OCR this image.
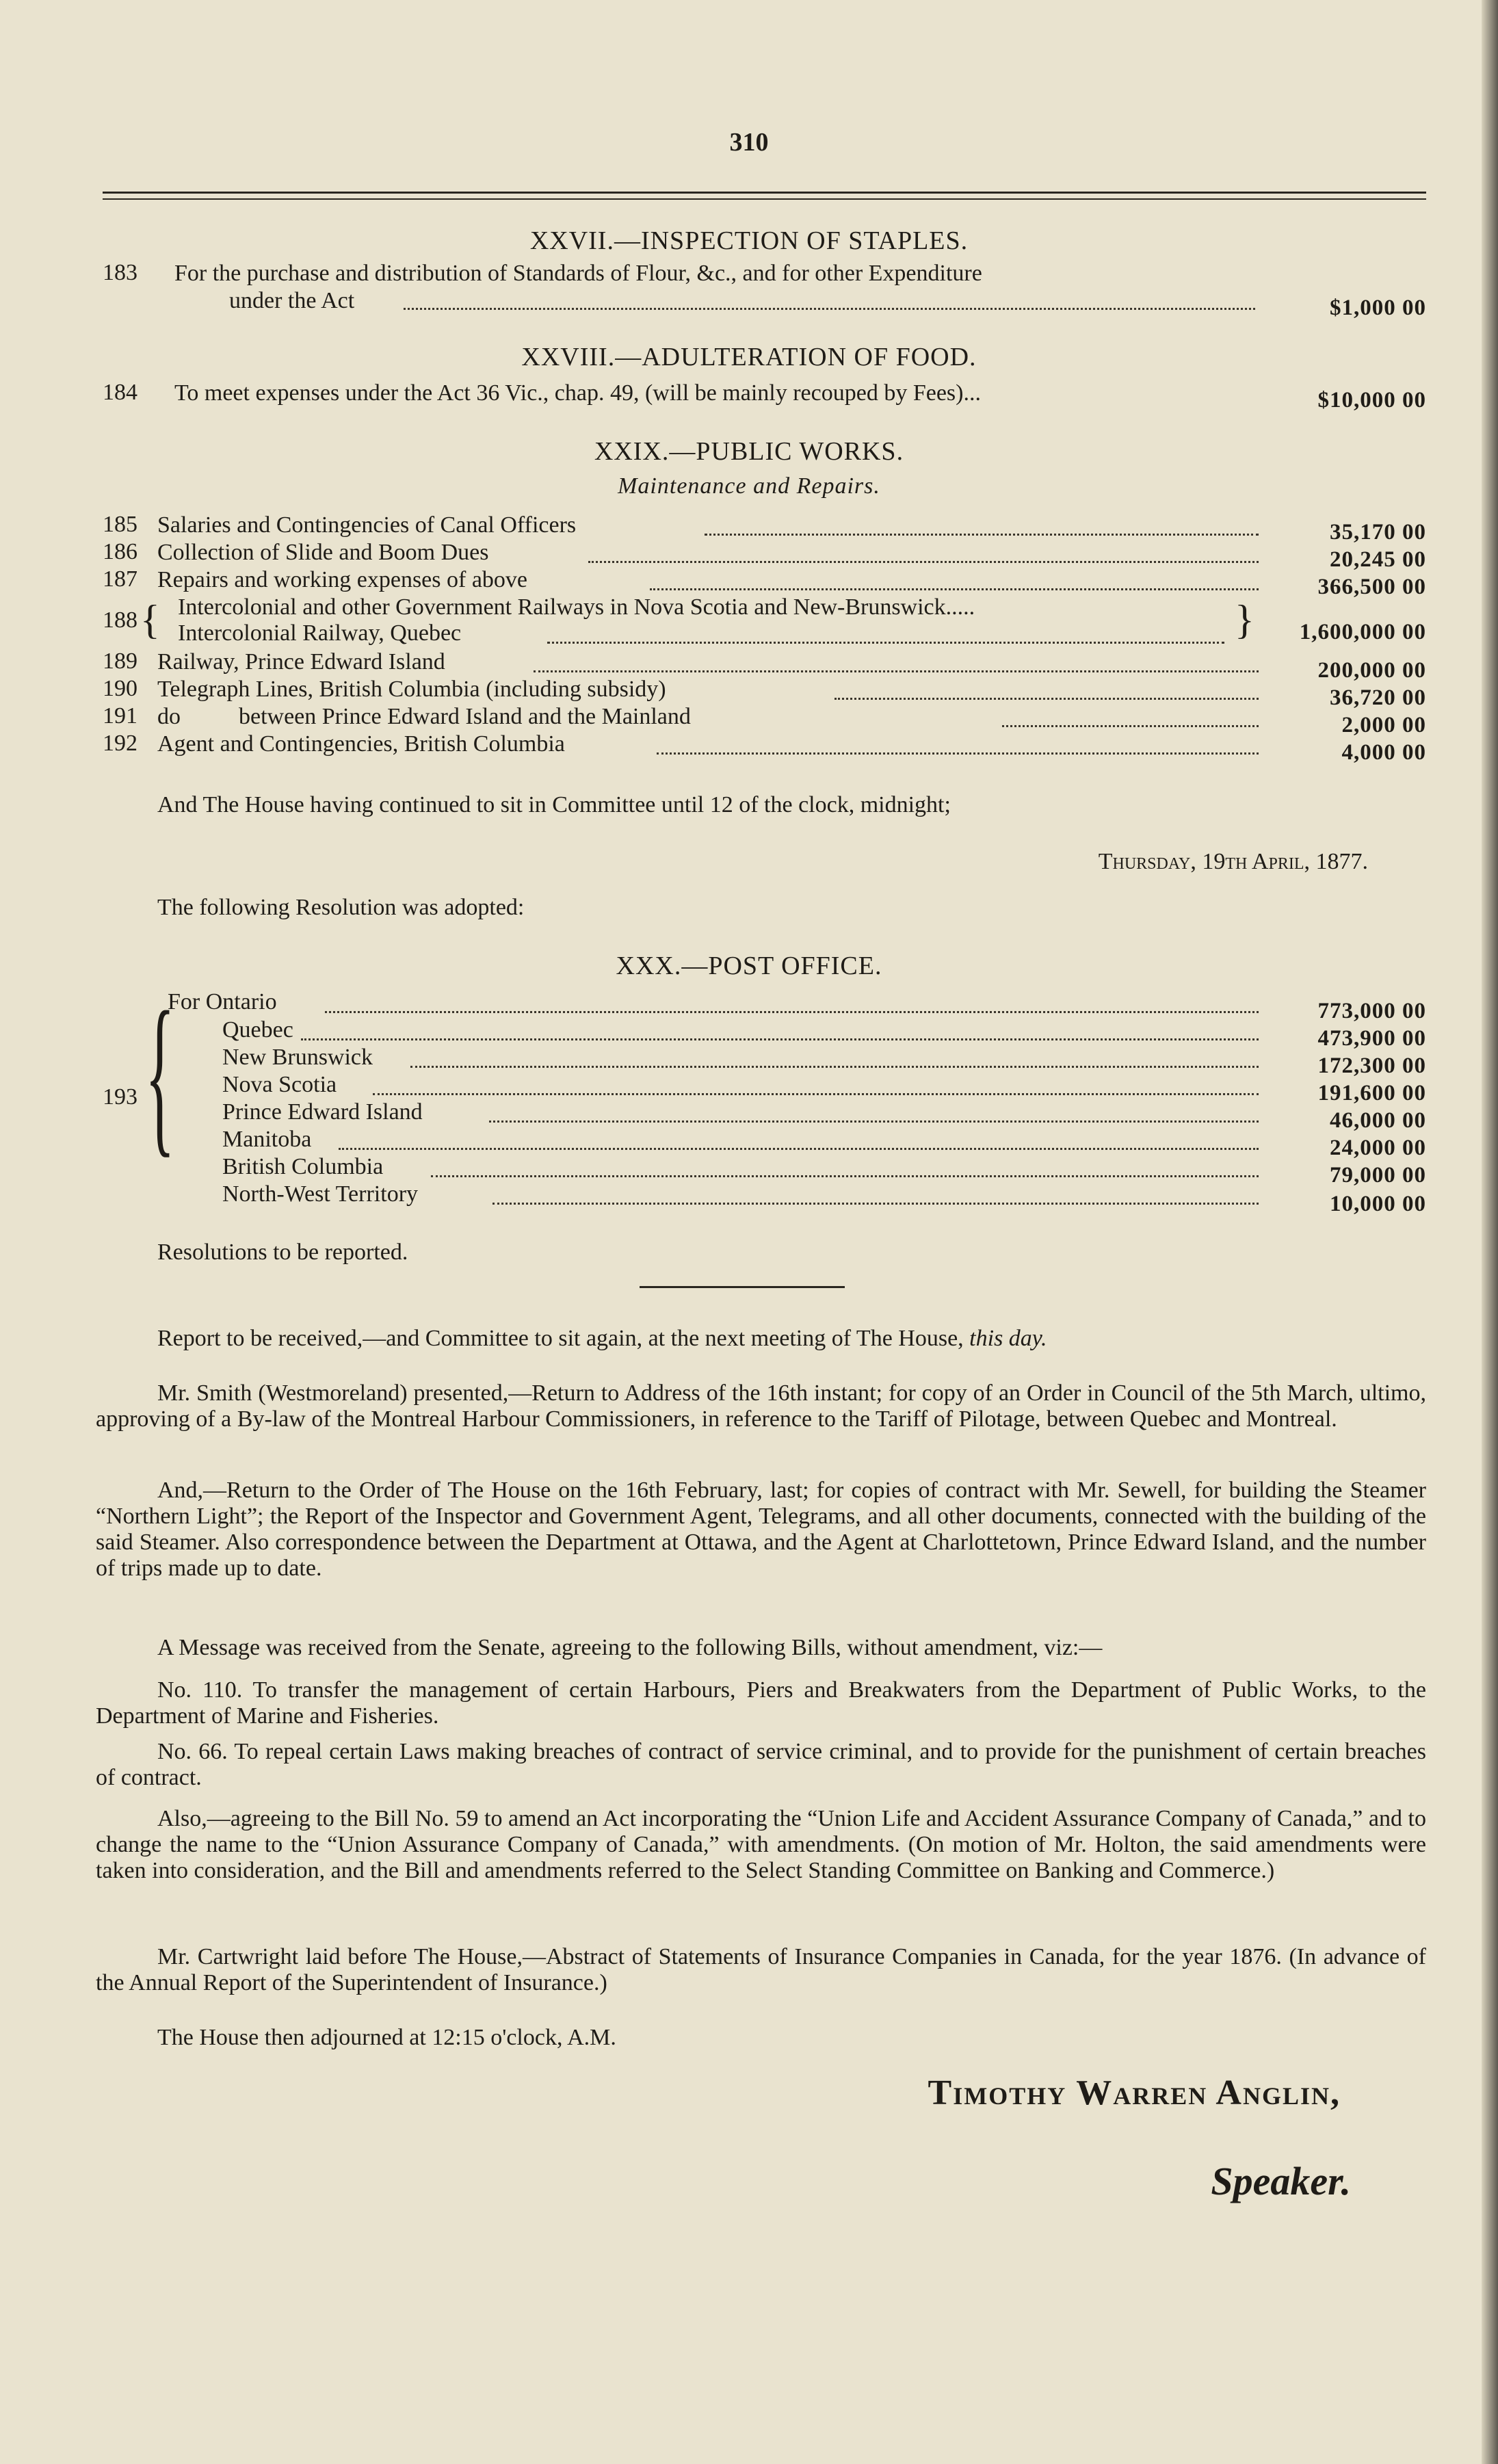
310
XXVII.—INSPECTION OF STAPLES.
183 For the purchase and distribution of Standards of Flour, &c., and for other Expenditure
under the Act	$1,000 00
XXVIII.—ADULTERATION OF FOOD.
184 To meet expenses under the Act 36 Vic., chap. 49, (will be mainly recouped by Fees)...	$10,000 00
XXIX.—PUBLIC WORKS.
Maintenance and Repairs.
185 Salaries and Contingencies of Canal Officers	35,170 00
186 Collection of Slide and Boom Dues	20,245 00
187 Repairs and working expenses of above	366,500 00
188 { Intercolonial and other Government Railways in Nova Scotia and New-Brunswick.....
Intercolonial Railway, Quebec	} 1,600,000 00
189 Railway, Prince Edward Island	200,000 00
190 Telegraph Lines, British Columbia (including subsidy)	36,720 00
191 do          between Prince Edward Island and the Mainland	2,000 00
192 Agent and Contingencies, British Columbia	4,000 00
And The House having continued to sit in Committee until 12 of the clock, midnight;
Thursday, 19th April, 1877.
The following Resolution was adopted:
XXX.—POST OFFICE.
{
193
For Ontario	773,000 00
Quebec	473,900 00
New Brunswick	172,300 00
Nova Scotia	191,600 00
Prince Edward Island	46,000 00
Manitoba	24,000 00
British Columbia	79,000 00
North-West Territory	10,000 00
Resolutions to be reported.
Report to be received,—and Committee to sit again, at the next meeting of The House, this day.
Mr. Smith (Westmoreland) presented,—Return to Address of the 16th instant; for copy of an Order in Council of the 5th March, ultimo, approving of a By-law of the Montreal Harbour Commissioners, in reference to the Tariff of Pilotage, between Quebec and Montreal.
And,—Return to the Order of The House on the 16th February, last; for copies of contract with Mr. Sewell, for building the Steamer “Northern Light”; the Report of the Inspector and Government Agent, Telegrams, and all other documents, connected with the building of the said Steamer. Also correspondence between the Department at Ottawa, and the Agent at Charlottetown, Prince Edward Island, and the number of trips made up to date.
A Message was received from the Senate, agreeing to the following Bills, without amendment, viz:—
No. 110. To transfer the management of certain Harbours, Piers and Breakwaters from the Department of Public Works, to the Department of Marine and Fisheries.
No. 66. To repeal certain Laws making breaches of contract of service criminal, and to provide for the punishment of certain breaches of contract.
Also,—agreeing to the Bill No. 59 to amend an Act incorporating the “Union Life and Accident Assurance Company of Canada,” and to change the name to the “Union Assurance Company of Canada,” with amendments. (On motion of Mr. Holton, the said amendments were taken into consideration, and the Bill and amendments referred to the Select Standing Committee on Banking and Commerce.)
Mr. Cartwright laid before The House,—Abstract of Statements of Insurance Companies in Canada, for the year 1876. (In advance of the Annual Report of the Superintendent of Insurance.)
The House then adjourned at 12:15 o'clock, A.M.
Timothy Warren Anglin,
Speaker.
